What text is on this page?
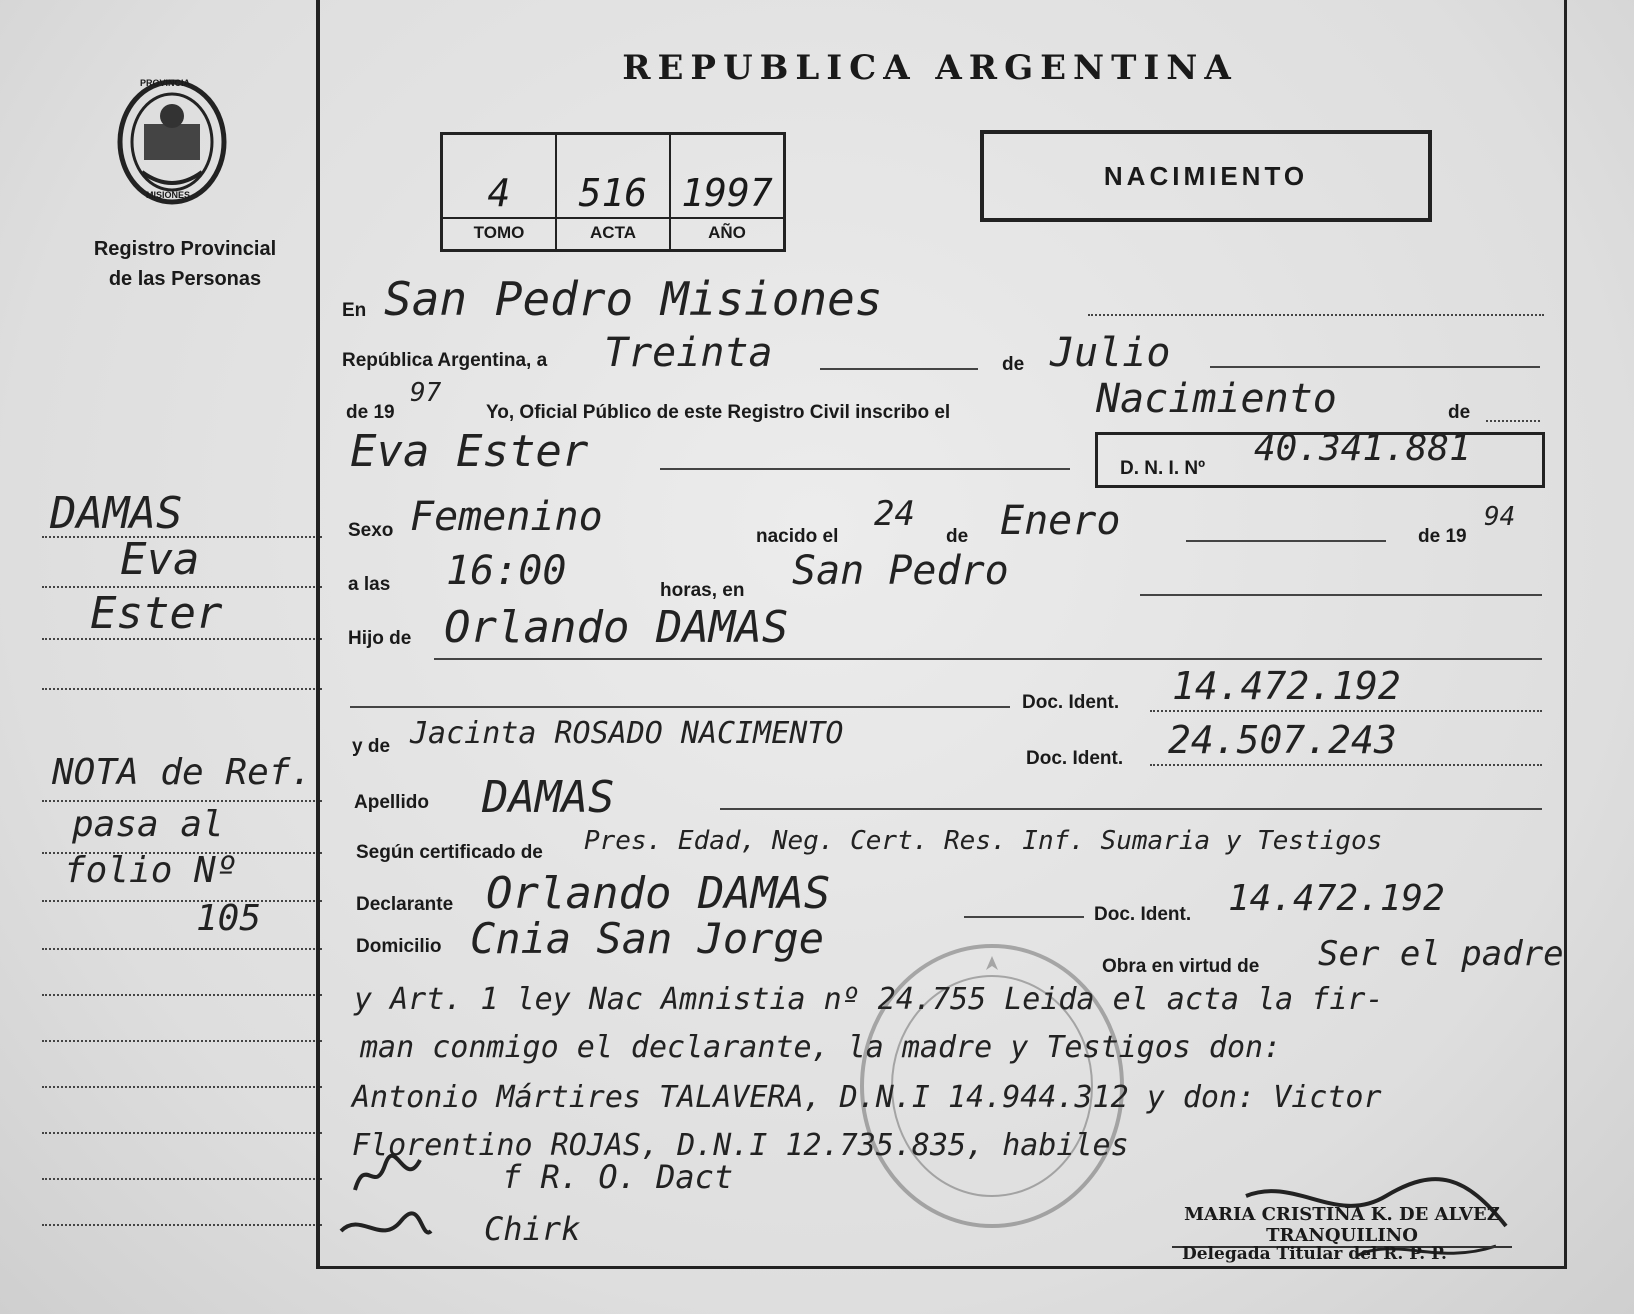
PROVINCIA
MISIONES
Registro Provincial
de las Personas
DAMAS
Eva
Ester
NOTA de Ref.
pasa al
folio Nº
105
REPUBLICA ARGENTINA
4
TOMO
516
ACTA
1997
AÑO
NACIMIENTO
En San Pedro Misiones
República Argentina, a Treinta	de Julio
de 19
97
Yo, Oficial Público de este Registro Civil inscribo el	Nacimiento	de
Eva Ester	D. N. I. Nº 40.341.881
Sexo Femenino	nacido el
24
de Enero	de 19
94
a las 16:00	horas, en San Pedro
Hijo de Orlando DAMAS
Doc. Ident. 14.472.192
y de Jacinta ROSADO NACIMENTO
Doc. Ident. 24.507.243
Apellido DAMAS
Según certificado de Pres. Edad, Neg. Cert. Res. Inf. Sumaria y Testigos
Declarante Orlando DAMAS	Doc. Ident. 14.472.192
Domicilio Cnia San Jorge
Obra en virtud de Ser el padre
y Art. 1 ley Nac Amnistia nº 24.755 Leida el acta la fir-
man conmigo el declarante, la madre y Testigos don:
Antonio Mártires TALAVERA, D.N.I 14.944.312 y don: Victor
Florentino ROJAS, D.N.I 12.735.835, habiles
f R. O. Dact
Chirk	MARIA CRISTINA K. DE ALVEZ TRANQUILINO
Delegada Titular del R. P. P.
